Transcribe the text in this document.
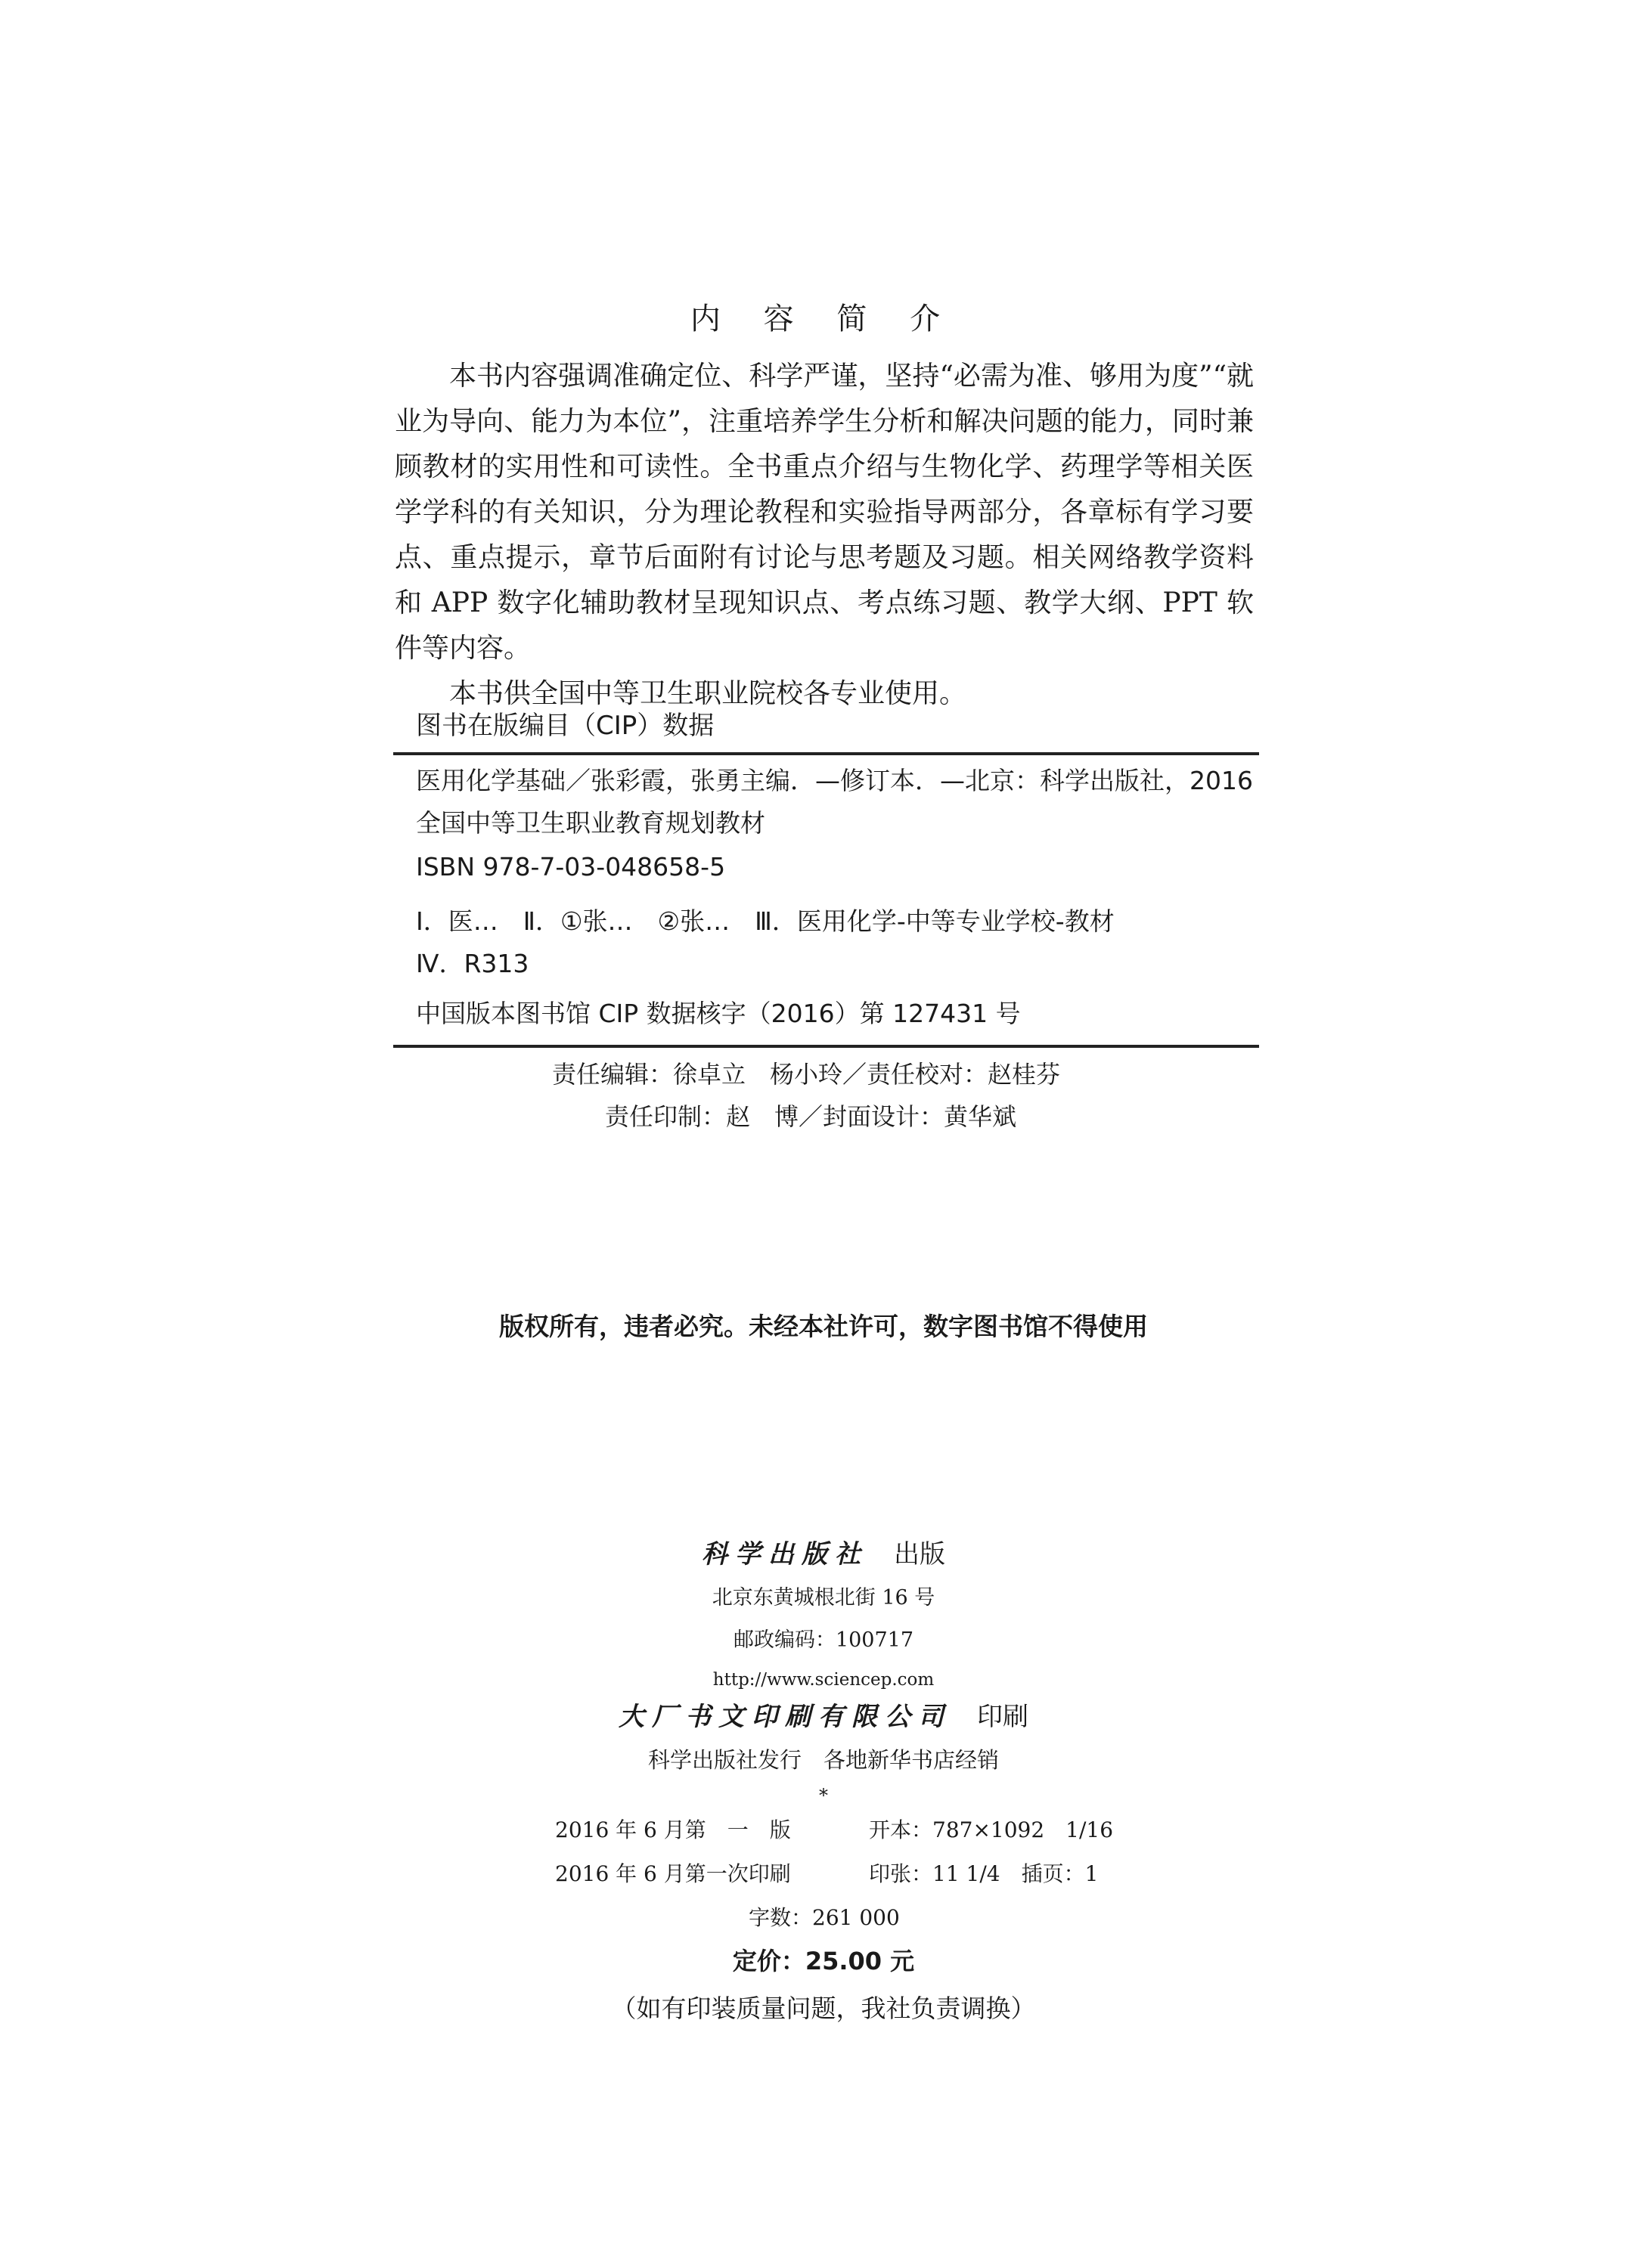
内 容 简 介

本书内容强调准确定位、科学严谨，坚持“必需为准、够用为度”“就业为导向、能力为本位”，注重培养学生分析和解决问题的能力，同时兼顾教材的实用性和可读性。全书重点介绍与生物化学、药理学等相关医学学科的有关知识，分为理论教程和实验指导两部分，各章标有学习要点、重点提示，章节后面附有讨论与思考题及习题。相关网络教学资料和 APP 数字化辅助教材呈现知识点、考点练习题、教学大纲、PPT 软件等内容。

本书供全国中等卫生职业院校各专业使用。

图书在版编目（CIP）数据
医用化学基础／张彩霞，张勇主编．—修订本．—北京：科学出版社，2016
全国中等卫生职业教育规划教材
ISBN 978-7-03-048658-5
Ⅰ．医…　Ⅱ．①张…　②张…　Ⅲ．医用化学-中等专业学校-教材
Ⅳ．R313
中国版本图书馆 CIP 数据核字（2016）第 127431 号
责任编辑：徐卓立　杨小玲／责任校对：赵桂芬
责任印制：赵　博／封面设计：黄华斌
版权所有，违者必究。未经本社许可，数字图书馆不得使用
科学出版社　 出版
北京东黄城根北街 16 号
邮政编码：100717
http://www.sciencep.com
大厂书文印刷有限公司　 印刷
科学出版社发行　各地新华书店经销
*
2016 年 6 月第　一　版	开本：787×1092　1/16
2016 年 6 月第一次印刷	印张：11 1/4　插页：1
字数：261 000
定价：25.00 元
（如有印装质量问题，我社负责调换）
